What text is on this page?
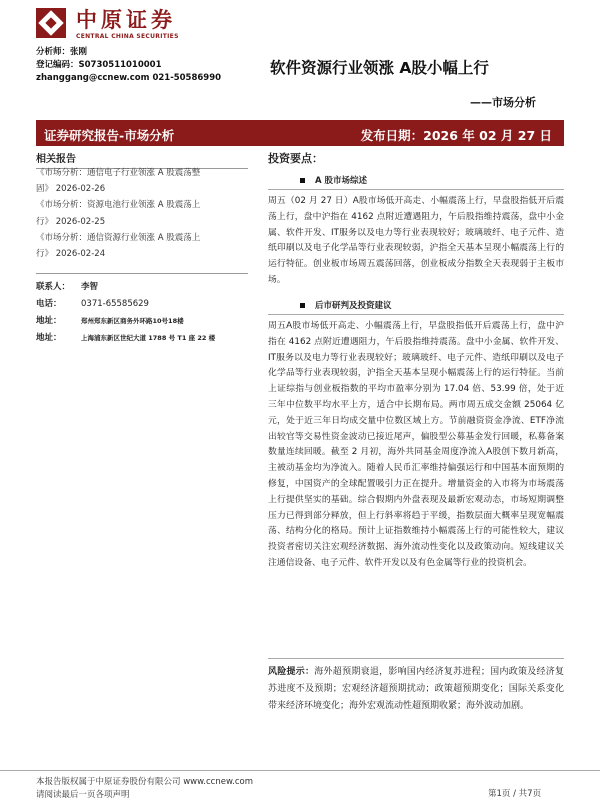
中原证券
CENTRAL CHINA SECURITIES
分析师：张刚
登记编码：S0730511010001
zhanggang@ccnew.com 021-50586990
软件资源行业领涨 A股小幅上行
——市场分析
证券研究报告-市场分析	发布日期：2026 年 02 月 27 日
相关报告
《市场分析：通信电子行业领涨 A 股震荡整
固》 2026-02-26
《市场分析：资源电池行业领涨 A 股震荡上
行》 2026-02-25
《市场分析：通信资源行业领涨 A 股震荡上
行》 2026-02-24
联系人：	李智
电话：	0371-65585629
地址：	郑州郑东新区商务外环路10号18楼
地址：	上海浦东新区世纪大道 1788 号 T1 座 22 楼
投资要点：
A 股市场综述
周五（02 月 27 日）A股市场低开高走、小幅震荡上行，早盘股指低开后震荡上行，盘中沪指在 4162 点附近遭遇阻力，午后股指维持震荡，盘中小金属、软件开发、IT服务以及电力等行业表现较好；玻璃玻纤、电子元件、造纸印刷以及电子化学品等行业表现较弱，沪指全天基本呈现小幅震荡上行的运行特征。创业板市场周五震荡回落，创业板成分指数全天表现弱于主板市场。
后市研判及投资建议
周五A股市场低开高走、小幅震荡上行，早盘股指低开后震荡上行，盘中沪指在 4162 点附近遭遇阻力，午后股指维持震荡。盘中小金属、软件开发、IT服务以及电力等行业表现较好；玻璃玻纤、电子元件、造纸印刷以及电子化学品等行业表现较弱，沪指全天基本呈现小幅震荡上行的运行特征。当前上证综指与创业板指数的平均市盈率分别为 17.04 倍、53.99 倍，处于近三年中位数平均水平上方，适合中长期布局。两市周五成交金额 25064 亿元，处于近三年日均成交量中位数区域上方。节前融资资金净流、ETF净流出较官等交易性资金波动已接近尾声，偏股型公募基金发行回暖，私募备案数量连续回暖。截至 2 月初，海外共同基金周度净流入A股创下数月新高，主被动基金均为净流入。随着人民币汇率维持偏强运行和中国基本面预期的修复，中国资产的全球配置吸引力正在提升。增量资金的入市将为市场震荡上行提供坚实的基础。综合假期内外盘表现及最新宏观动态，市场短期调整压力已得到部分释放，但上行斜率将趋于平缓，指数层面大概率呈现宽幅震荡、结构分化的格局。预计上证指数维持小幅震荡上行的可能性较大，建议投资者密切关注宏观经济数据、海外流动性变化以及政策动向。短线建议关注通信设备、电子元件、软件开发以及有色金属等行业的投资机会。
风险提示：海外超预期衰退，影响国内经济复苏进程；国内政策及经济复苏进度不及预期；宏观经济超预期扰动；政策超预期变化；国际关系变化带来经济环境变化；海外宏观流动性超预期收紧；海外波动加剧。
本报告版权属于中原证券股份有限公司 www.ccnew.com
请阅读最后一页各项声明	第1页 / 共7页
